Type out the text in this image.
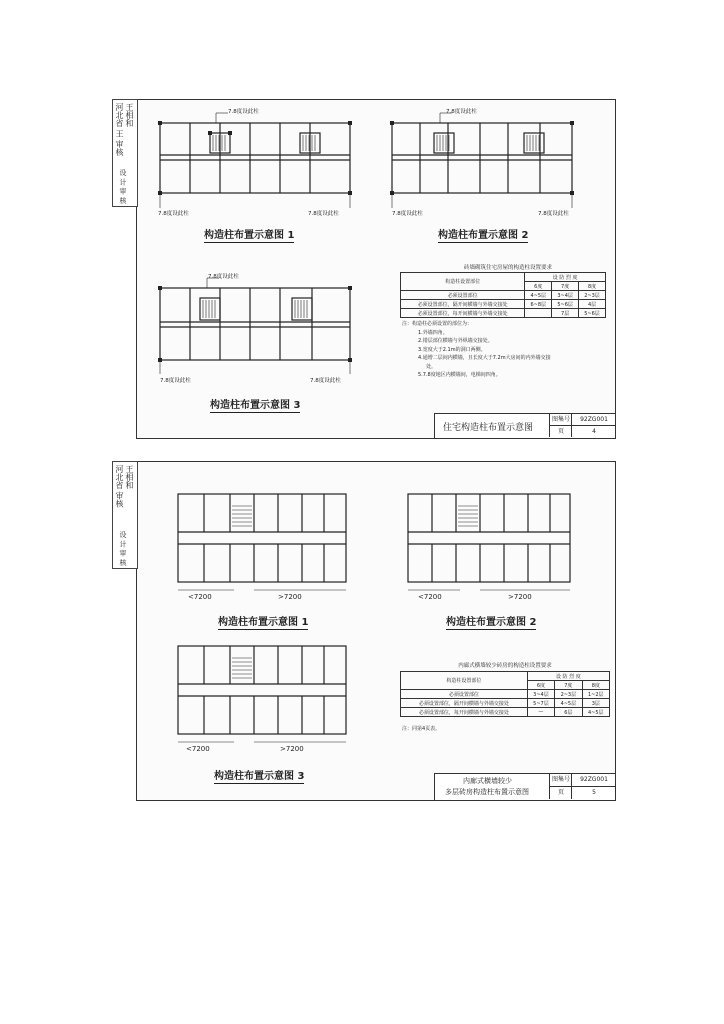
河北省 王 审核 王相和
设 计 审 核
7.8度设此柱
7.8度设此柱	7.8度设此柱
构造柱布置示意图 1
7.8度设此柱
7.8度设此柱	7.8度设此柱
构造柱布置示意图 2
7.8度设此柱
7.8度设此柱	7.8度设此柱
构造柱布置示意图 3
砖墙砌筑住宅房屋的构造柱设置要求
构造柱设置部位	设 防 烈 度		
	6度	7度	8度
必须设置部位	4~5层	3~4层	2~3层
必须设置部位，隔开间横墙与外墙交接处	6~8层	5~6层	4层
必须设置部位，每开间横墙与外墙交接处		7层	5~6层
注：构造柱必须设置的部位为：
1.外墙四角。
2.错层部位横墙与外纵墙交接处。
3.宽度大于2.1m的洞口两侧。
4.通增二层间内横墙，且长度大于7.2m大房间的内外墙交接
处。
5.7.8度地区内横墙间，电梯间四角。
住宅构造柱布置示意图
图集号	92ZG001
页	4
河北省 审核 王相和
设 计 审 核
<7200	>7200
构造柱布置示意图 1
<7200	>7200
构造柱布置示意图 2
<7200	>7200
构造柱布置示意图 3
内廊式横墙较少砖房的构造柱设置要求
构造柱设置部位	设 防 烈 度		
	6度	7度	8度
必须设置部位	3~4层	2~3层	1~2层
必须设置部位，隔开间横墙与外墙交接处	5~7层	4~5层	3层
必须设置部位，每开间横墙与外墙交接处	—	6层	4~5层
注：同第4页表。
内廊式横墙较少
多层砖房构造柱布置示意图
图集号	92ZG001
页	5
